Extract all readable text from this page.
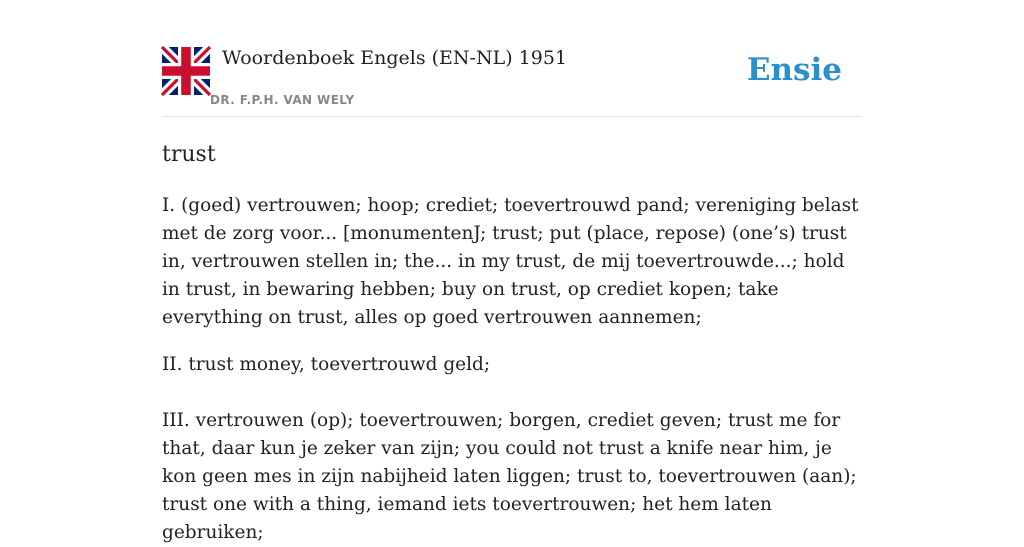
Woordenboek Engels (EN-NL) 1951
DR. F.P.H. VAN WELY
Ensie
trust

I. (goed) vertrouwen; hoop; crediet; toevertrouwd pand; vereniging belast met de zorg voor... [monumentenJ; trust; put (place, repose) (one’s) trust in, vertrouwen stellen in; the... in my trust, de mij toevertrouwde...; hold in trust, in bewaring hebben; buy on trust, op crediet kopen; take everything on trust, alles op goed vertrouwen aannemen;

II. trust money, toevertrouwd geld;

III. vertrouwen (op); toevertrouwen; borgen, crediet geven; trust me for that, daar kun je zeker van zijn; you could not trust a knife near him, je kon geen mes in zijn nabijheid laten liggen; trust to, toevertrouwen (aan); trust one with a thing, iemand iets toevertrouwen; het hem laten gebruiken;
